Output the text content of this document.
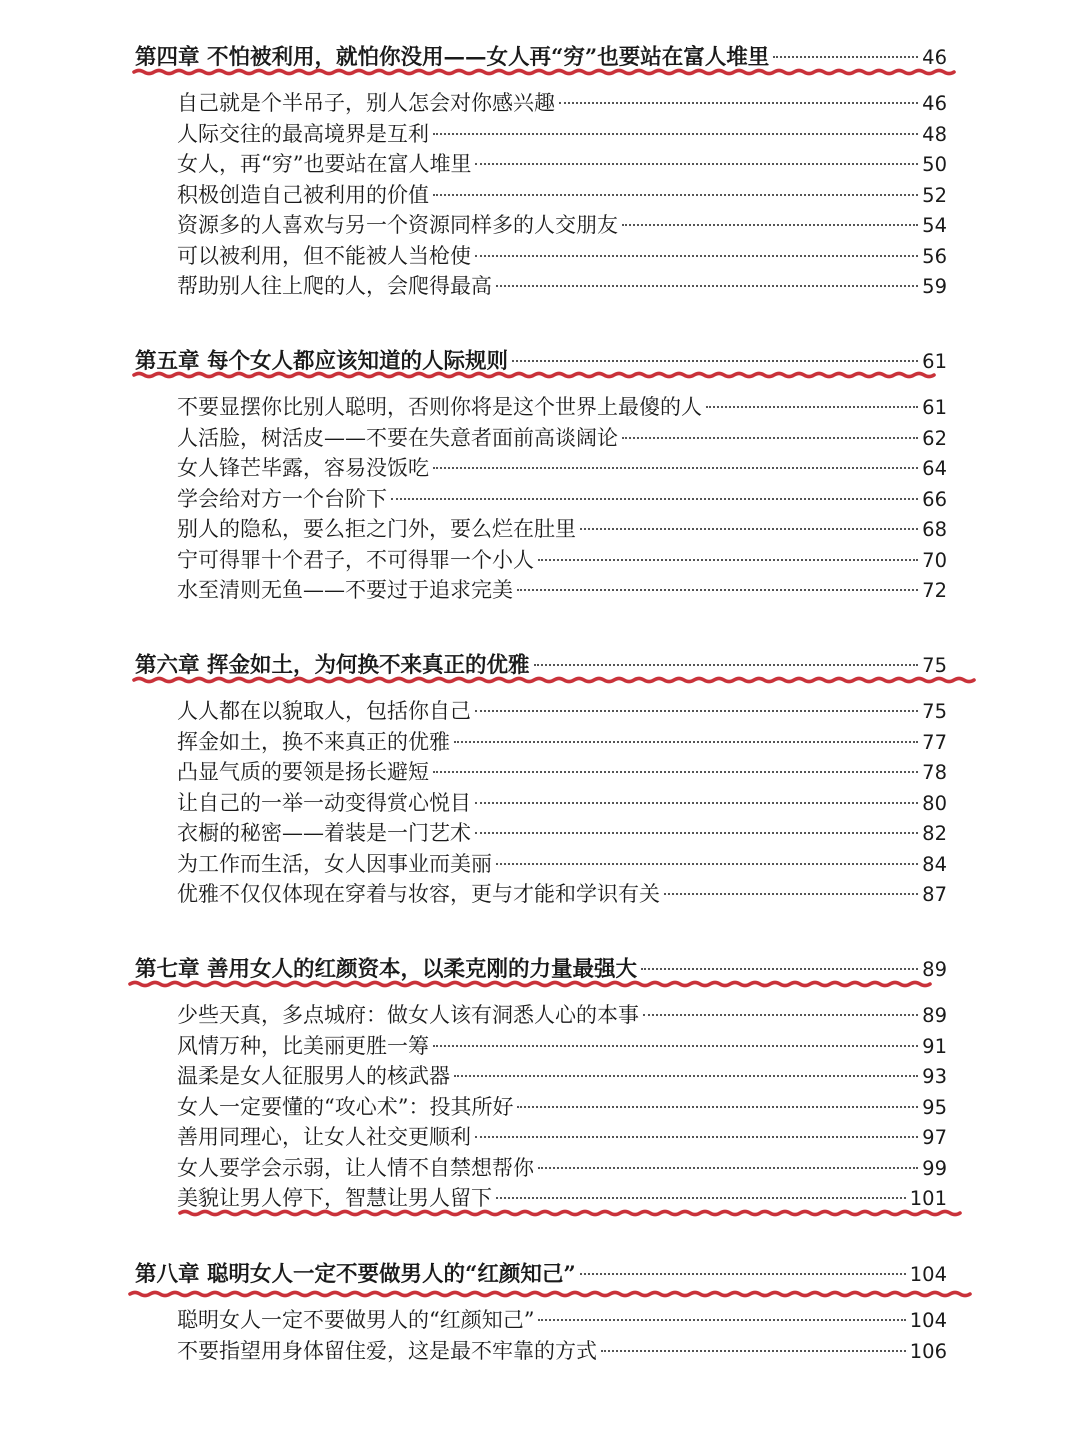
第四章 不怕被利用，就怕你没用——女人再“穷”也要站在富人堆里	46
自己就是个半吊子，别人怎会对你感兴趣	46
人际交往的最高境界是互利	48
女人，再“穷”也要站在富人堆里	50
积极创造自己被利用的价值	52
资源多的人喜欢与另一个资源同样多的人交朋友	54
可以被利用，但不能被人当枪使	56
帮助别人往上爬的人，会爬得最高	59
第五章 每个女人都应该知道的人际规则	61
不要显摆你比别人聪明，否则你将是这个世界上最傻的人	61
人活脸，树活皮——不要在失意者面前高谈阔论	62
女人锋芒毕露，容易没饭吃	64
学会给对方一个台阶下	66
别人的隐私，要么拒之门外，要么烂在肚里	68
宁可得罪十个君子，不可得罪一个小人	70
水至清则无鱼——不要过于追求完美	72
第六章 挥金如土，为何换不来真正的优雅	75
人人都在以貌取人，包括你自己	75
挥金如土，换不来真正的优雅	77
凸显气质的要领是扬长避短	78
让自己的一举一动变得赏心悦目	80
衣橱的秘密——着装是一门艺术	82
为工作而生活，女人因事业而美丽	84
优雅不仅仅体现在穿着与妆容，更与才能和学识有关	87
第七章 善用女人的红颜资本，以柔克刚的力量最强大	89
少些天真，多点城府：做女人该有洞悉人心的本事	89
风情万种，比美丽更胜一筹	91
温柔是女人征服男人的核武器	93
女人一定要懂的“攻心术”：投其所好	95
善用同理心，让女人社交更顺利	97
女人要学会示弱，让人情不自禁想帮你	99
美貌让男人停下，智慧让男人留下	101
第八章 聪明女人一定不要做男人的“红颜知己”	104
聪明女人一定不要做男人的“红颜知己”	104
不要指望用身体留住爱，这是最不牢靠的方式	106
